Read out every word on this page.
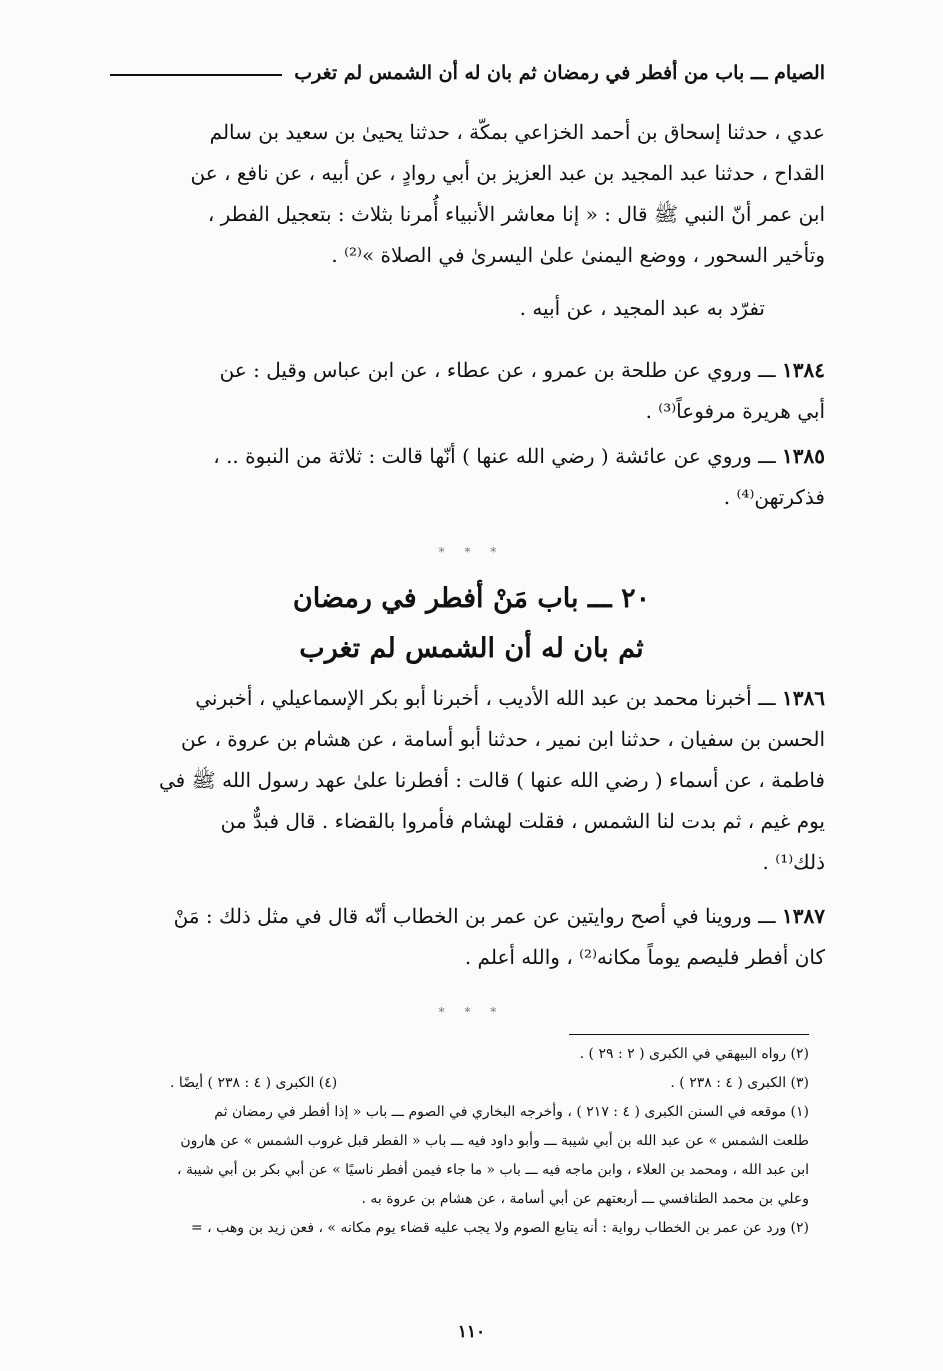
الصيام ـــ باب من أفطر في رمضان ثم بان له أن الشمس لم تغرب

عدي ، حدثنا إسحاق بن أحمد الخزاعي بمكّة ، حدثنا يحيىٰ بن سعيد بن سالم

القداح ، حدثنا عبد المجيد بن عبد العزيز بن أبي روادٍ ، عن أبيه ، عن نافع ، عن

ابن عمر أنّ النبي ﷺ قال : « إنا معاشر الأنبياء أُمرنا بثلاث : بتعجيل الفطر ،

وتأخير السحور ، ووضع اليمنىٰ علىٰ اليسرىٰ في الصلاة »⁽²⁾ .

تفرّد به عبد المجيد ، عن أبيه .

١٣٨٤ ـــ وروي عن طلحة بن عمرو ، عن عطاء ، عن ابن عباس وقيل : عن

أبي هريرة مرفوعاً⁽³⁾ .

١٣٨٥ ـــ وروي عن عائشة ( رضي الله عنها ) أنّها قالت : ثلاثة من النبوة .. ،

فذكرتهن⁽⁴⁾ .

* * *
٢٠ ـــ باب مَنْ أفطر في رمضان
ثم بان له أن الشمس لم تغرب

١٣٨٦ ـــ أخبرنا محمد بن عبد الله الأديب ، أخبرنا أبو بكر الإسماعيلي ، أخبرني

الحسن بن سفيان ، حدثنا ابن نمير ، حدثنا أبو أسامة ، عن هشام بن عروة ، عن

فاطمة ، عن أسماء ( رضي الله عنها ) قالت : أفطرنا علىٰ عهد رسول الله ﷺ في

يوم غيم ، ثم بدت لنا الشمس ، فقلت لهشام فأمروا بالقضاء . قال فبدٌّ من

ذلك⁽¹⁾ .

١٣٨٧ ـــ وروينا في أصح روايتين عن عمر بن الخطاب أنّه قال في مثل ذلك : مَنْ

كان أفطر فليصم يوماً مكانه⁽²⁾ ، والله أعلم .

* * *

(٢) رواه البيهقي في الكبرى ( ٢ : ٢٩ ) .

(٣) الكبرى ( ٤ : ٢٣٨ ) .
(٤) الكبرى ( ٤ : ٢٣٨ ) أيضًا .

(١) موقعه في السنن الكبرى ( ٤ : ٢١٧ ) ، وأخرجه البخاري في الصوم ـــ باب « إذا أفطر في رمضان ثم

طلعت الشمس » عن عبد الله بن أبي شيبة ـــ وأبو داود فيه ـــ باب « الفطر قبل غروب الشمس » عن هارون

ابن عبد الله ، ومحمد بن العلاء ، وابن ماجه فيه ـــ باب « ما جاء فيمن أفطر ناسيًا » عن أبي بكر بن أبي شيبة ،

وعلي بن محمد الطنافسي ـــ أربعتهم عن أبي أسامة ، عن هشام بن عروة به .

(٢) ورد عن عمر بن الخطاب رواية : أنه يتابع الصوم ولا يجب عليه قضاء يوم مكانه » ، فعن زيد بن وهب ، =

١١٠
